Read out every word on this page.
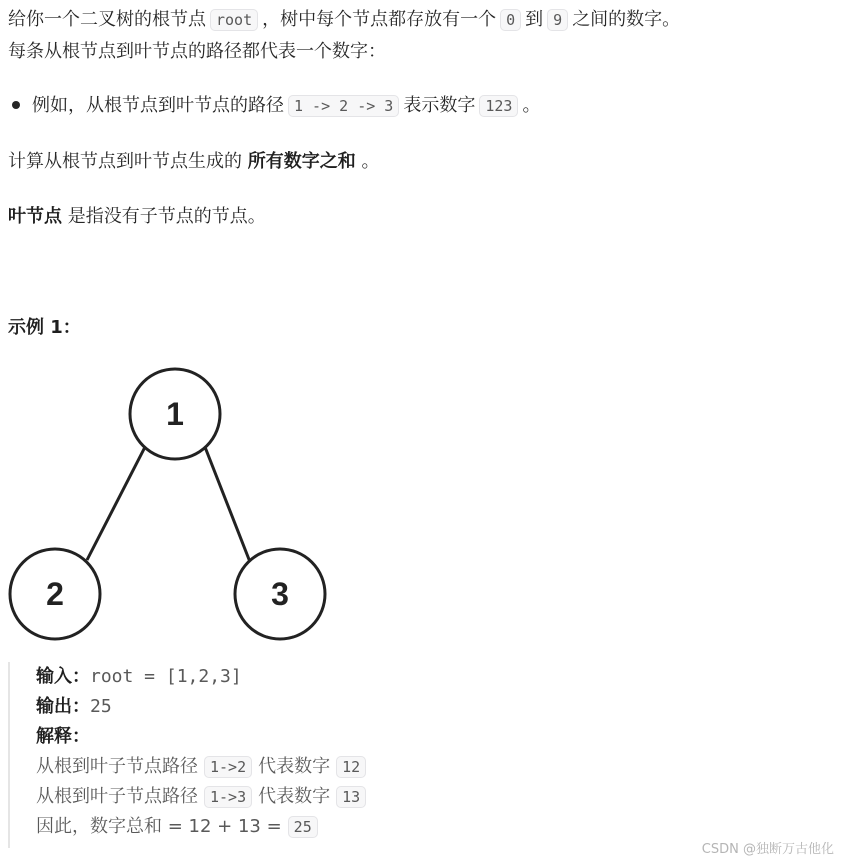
给你一个二叉树的根节点 root ，树中每个节点都存放有一个 0 到 9 之间的数字。
每条从根节点到叶节点的路径都代表一个数字：
例如，从根节点到叶节点的路径 1 -> 2 -> 3 表示数字 123 。
计算从根节点到叶节点生成的 所有数字之和 。
叶节点 是指没有子节点的节点。
示例 1：
1
2	3
输入：root = [1,2,3]
输出：25
解释：
从根到叶子节点路径 1->2 代表数字 12
从根到叶子节点路径 1->3 代表数字 13
因此，数字总和 = 12 + 13 = 25
CSDN @独断万古他化
